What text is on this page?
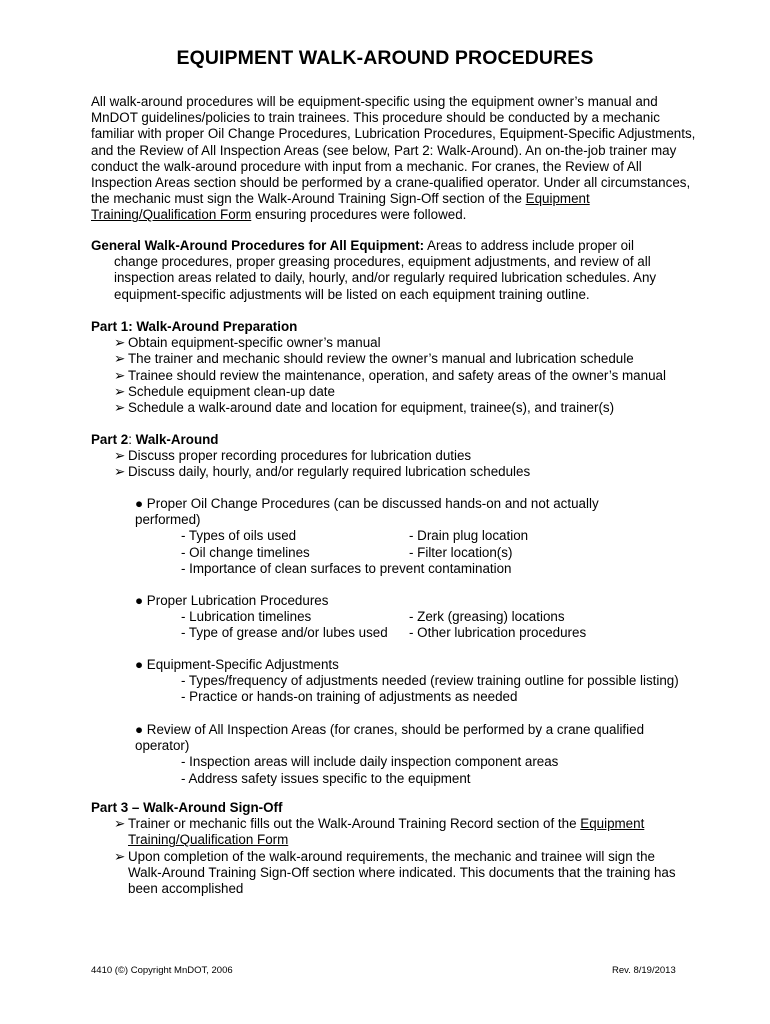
EQUIPMENT WALK-AROUND PROCEDURES
All walk-around procedures will be equipment-specific using the equipment owner’s manual and MnDOT guidelines/policies to train trainees. This procedure should be conducted by a mechanic familiar with proper Oil Change Procedures, Lubrication Procedures, Equipment-Specific Adjustments, and the Review of All Inspection Areas (see below, Part 2: Walk-Around). An on-the-job trainer may conduct the walk-around procedure with input from a mechanic. For cranes, the Review of All Inspection Areas section should be performed by a crane-qualified operator. Under all circumstances, the mechanic must sign the Walk-Around Training Sign-Off section of the Equipment Training/Qualification Form ensuring procedures were followed.
General Walk-Around Procedures for All Equipment: Areas to address include proper oil
change procedures, proper greasing procedures, equipment adjustments, and review of all inspection areas related to daily, hourly, and/or regularly required lubrication schedules. Any equipment-specific adjustments will be listed on each equipment training outline.
Part 1: Walk-Around Preparation
➢ Obtain equipment-specific owner’s manual
➢ The trainer and mechanic should review the owner’s manual and lubrication schedule
➢ Trainee should review the maintenance, operation, and safety areas of the owner’s manual
➢ Schedule equipment clean-up date
➢ Schedule a walk-around date and location for equipment, trainee(s), and trainer(s)
Part 2: Walk-Around
➢ Discuss proper recording procedures for lubrication duties
➢ Discuss daily, hourly, and/or regularly required lubrication schedules
● Proper Oil Change Procedures (can be discussed hands-on and not actually
performed)
- Types of oils used	- Drain plug location
- Oil change timelines	- Filter location(s)
- Importance of clean surfaces to prevent contamination
● Proper Lubrication Procedures
- Lubrication timelines	- Zerk (greasing) locations
- Type of grease and/or lubes used	- Other lubrication procedures
● Equipment-Specific Adjustments
- Types/frequency of adjustments needed (review training outline for possible listing)
- Practice or hands-on training of adjustments as needed
● Review of All Inspection Areas (for cranes, should be performed by a crane qualified
operator)
- Inspection areas will include daily inspection component areas
- Address safety issues specific to the equipment
Part 3 – Walk-Around Sign-Off
➢ Trainer or mechanic fills out the Walk-Around Training Record section of the Equipment
Training/Qualification Form
➢ Upon completion of the walk-around requirements, the mechanic and trainee will sign the
Walk-Around Training Sign-Off section where indicated. This documents that the training has been accomplished
4410 (©) Copyright MnDOT, 2006	Rev. 8/19/2013
